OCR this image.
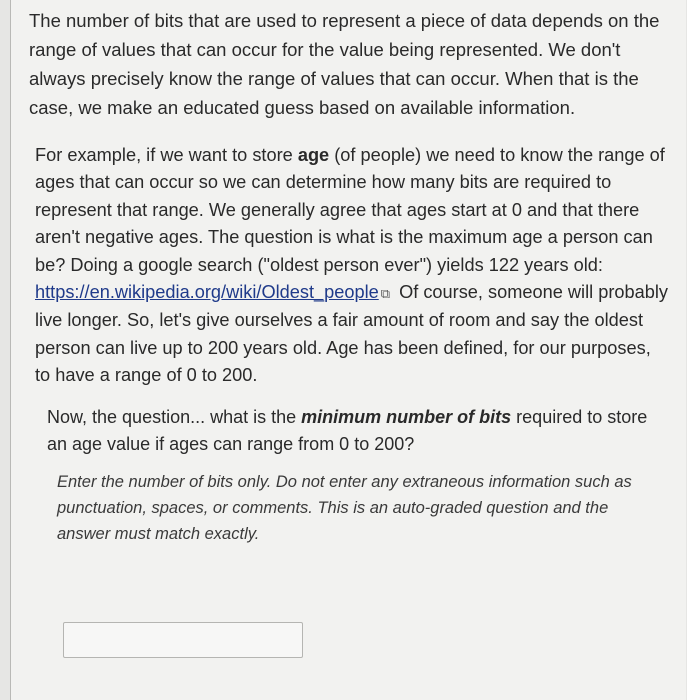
The number of bits that are used to represent a piece of data depends on the range of values that can occur for the value being represented. We don't always precisely know the range of values that can occur. When that is the case, we make an educated guess based on available information.

For example, if we want to store age (of people) we need to know the range of ages that can occur so we can determine how many bits are required to represent that range. We generally agree that ages start at 0 and that there aren't negative ages. The question is what is the maximum age a person can be? Doing a google search ("oldest person ever") yields 122 years old: https://en.wikipedia.org/wiki/Oldest_people ⧉ Of course, someone will probably live longer. So, let's give ourselves a fair amount of room and say the oldest person can live up to 200 years old. Age has been defined, for our purposes, to have a range of 0 to 200.

Now, the question... what is the minimum number of bits required to store an age value if ages can range from 0 to 200?

Enter the number of bits only. Do not enter any extraneous information such as punctuation, spaces, or comments. This is an auto-graded question and the answer must match exactly.
